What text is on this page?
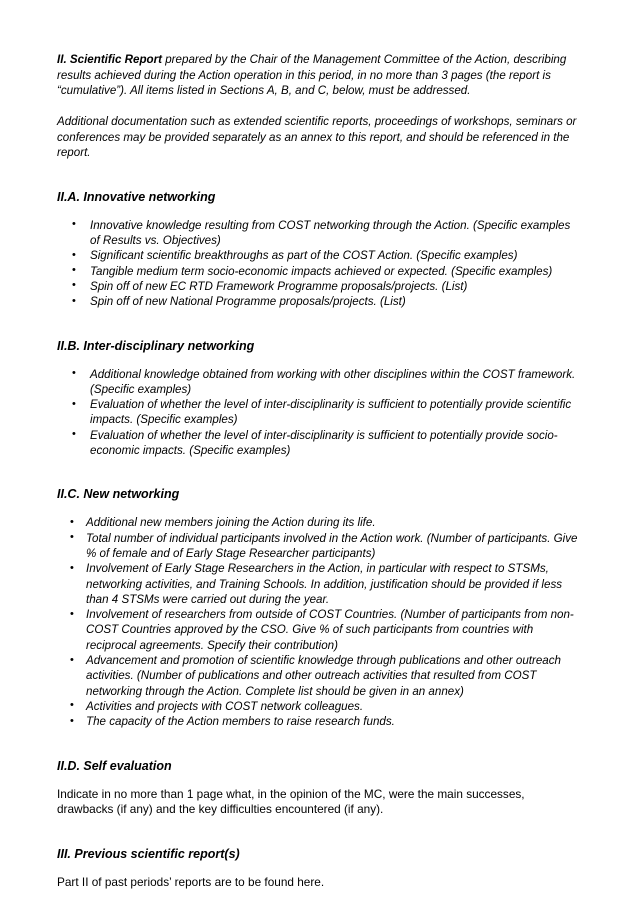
II. Scientific Report prepared by the Chair of the Management Committee of the Action, describing results achieved during the Action operation in this period, in no more than 3 pages (the report is “cumulative”). All items listed in Sections A, B, and C, below, must be addressed.

Additional documentation such as extended scientific reports, proceedings of workshops, seminars or conferences may be provided separately as an annex to this report, and should be referenced in the report.

II.A. Innovative networking
• Innovative knowledge resulting from COST networking through the Action. (Specific examples of Results vs. Objectives)
• Significant scientific breakthroughs as part of the COST Action. (Specific examples)
• Tangible medium term socio-economic impacts achieved or expected. (Specific examples)
• Spin off of new EC RTD Framework Programme proposals/projects. (List)
• Spin off of new National Programme proposals/projects. (List)
II.B. Inter-disciplinary networking
• Additional knowledge obtained from working with other disciplines within the COST framework. (Specific examples)
• Evaluation of whether the level of inter-disciplinarity is sufficient to potentially provide scientific impacts. (Specific examples)
• Evaluation of whether the level of inter-disciplinarity is sufficient to potentially provide socio-economic impacts. (Specific examples)
II.C. New networking
• Additional new members joining the Action during its life.
• Total number of individual participants involved in the Action work. (Number of participants. Give % of female and of Early Stage Researcher participants)
• Involvement of Early Stage Researchers in the Action, in particular with respect to STSMs, networking activities, and Training Schools. In addition, justification should be provided if less than 4 STSMs were carried out during the year.
• Involvement of researchers from outside of COST Countries. (Number of participants from non-COST Countries approved by the CSO. Give % of such participants from countries with reciprocal agreements. Specify their contribution)
• Advancement and promotion of scientific knowledge through publications and other outreach activities. (Number of publications and other outreach activities that resulted from COST networking through the Action. Complete list should be given in an annex)
• Activities and projects with COST network colleagues.
• The capacity of the Action members to raise research funds.
II.D. Self evaluation

Indicate in no more than 1 page what, in the opinion of the MC, were the main successes, drawbacks (if any) and the key difficulties encountered (if any).

III. Previous scientific report(s)

Part II of past periods’ reports are to be found here.
